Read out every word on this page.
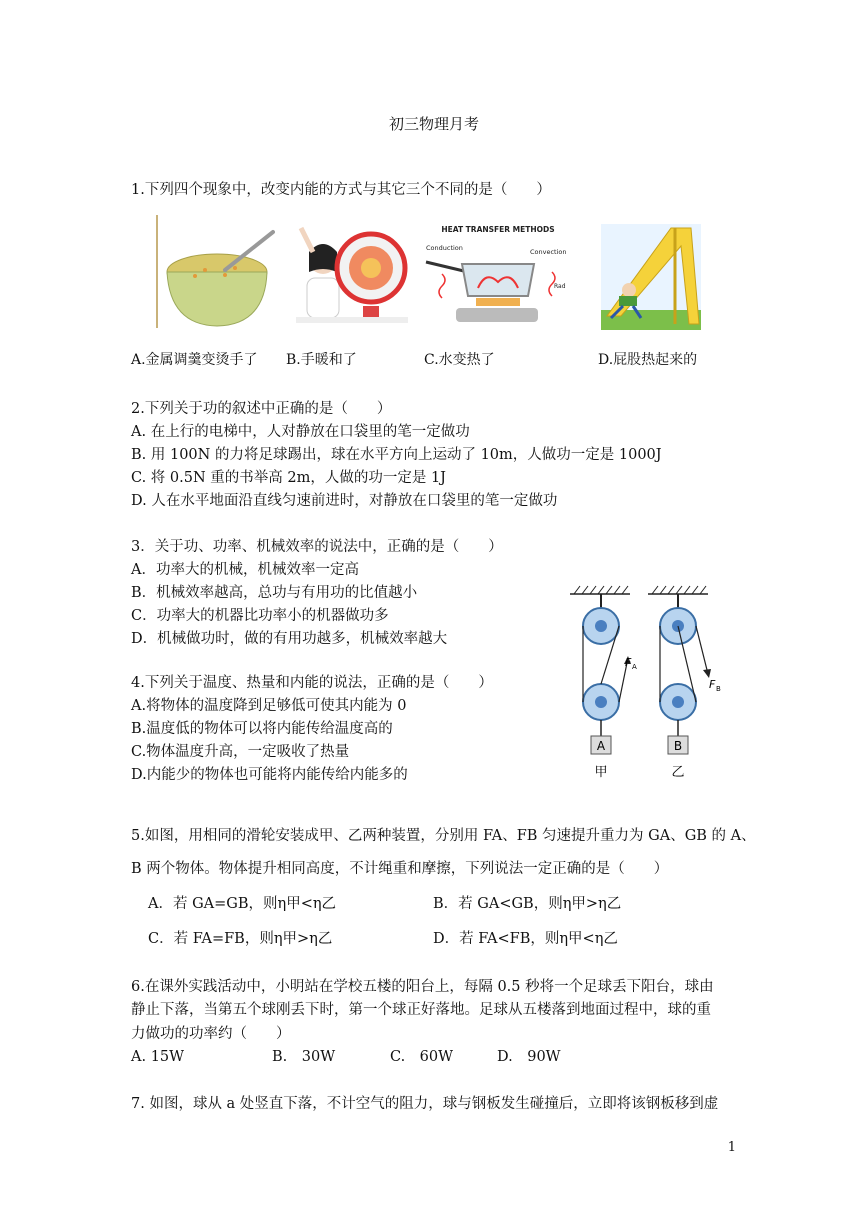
初三物理月考
1.下列四个现象中，改变内能的方式与其它三个不同的是（　　）
HEAT TRANSFER METHODS
Conduction	Convection
Rad
A.金属调羹变烫手了 B.手暖和了	C.水变热了	D.屁股热起来的
2.下列关于功的叙述中正确的是（　　）
A. 在上行的电梯中，人对静放在口袋里的笔一定做功
B. 用 100N 的力将足球踢出，球在水平方向上运动了 10m，人做功一定是 1000J
C. 将 0.5N 重的书举高 2m，人做的功一定是 1J
D. 人在水平地面沿直线匀速前进时，对静放在口袋里的笔一定做功
3．关于功、功率、机械效率的说法中，正确的是（　　）
A．功率大的机械，机械效率一定高
B．机械效率越高，总功与有用功的比值越小
C．功率大的机器比功率小的机器做功多
D．机械做功时，做的有用功越多，机械效率越大
4.下列关于温度、热量和内能的说法，正确的是（　　）
A.将物体的温度降到足够低可使其内能为 0
B.温度低的物体可以将内能传给温度高的
C.物体温度升高，一定吸收了热量
D.内能少的物体也可能将内能传给内能多的
A
F A
甲
B
F B
乙
5.如图，用相同的滑轮安装成甲、乙两种装置，分别用 FA、FB 匀速提升重力为 GA、GB 的 A、
B 两个物体。物体提升相同高度，不计绳重和摩擦，下列说法一定正确的是（　　）
A．若 GA=GB，则η甲<η乙	B．若 GA<GB，则η甲>η乙
C．若 FA=FB，则η甲>η乙	D．若 FA<FB，则η甲<η乙
6.在课外实践活动中，小明站在学校五楼的阳台上，每隔 0.5 秒将一个足球丢下阳台，球由
静止下落，当第五个球刚丢下时，第一个球正好落地。足球从五楼落到地面过程中，球的重
力做功的功率约（　　）
A. 15W	B.　30W	C.　60W	D.　90W
7. 如图，球从 a 处竖直下落，不计空气的阻力，球与钢板发生碰撞后，立即将该钢板移到虚
1
